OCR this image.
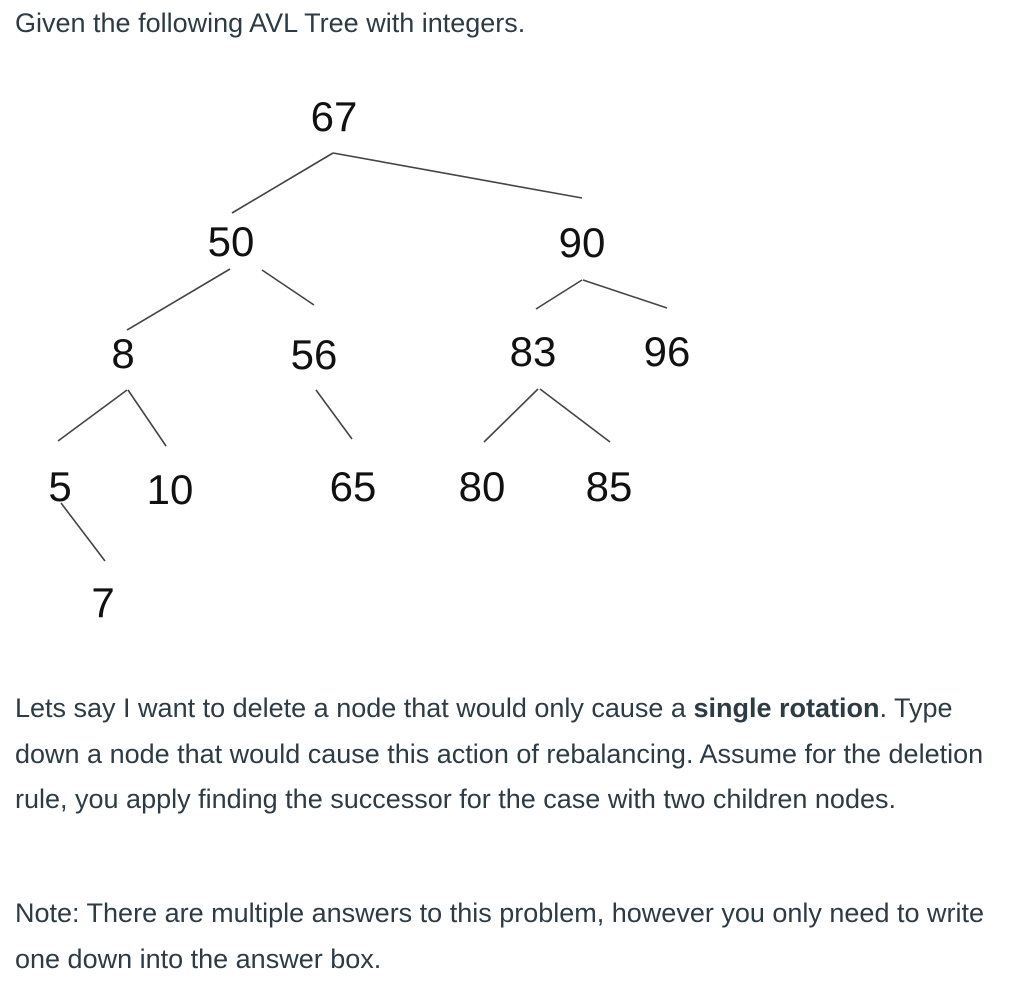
Given the following AVL Tree with integers.

67
50	90
8	56	83 96
5 10	65 80 85
7

Lets say I want to delete a node that would only cause a single rotation. Type down a node that would cause this action of rebalancing. Assume for the deletion rule, you apply finding the successor for the case with two children nodes.

Note: There are multiple answers to this problem, however you only need to write one down into the answer box.
